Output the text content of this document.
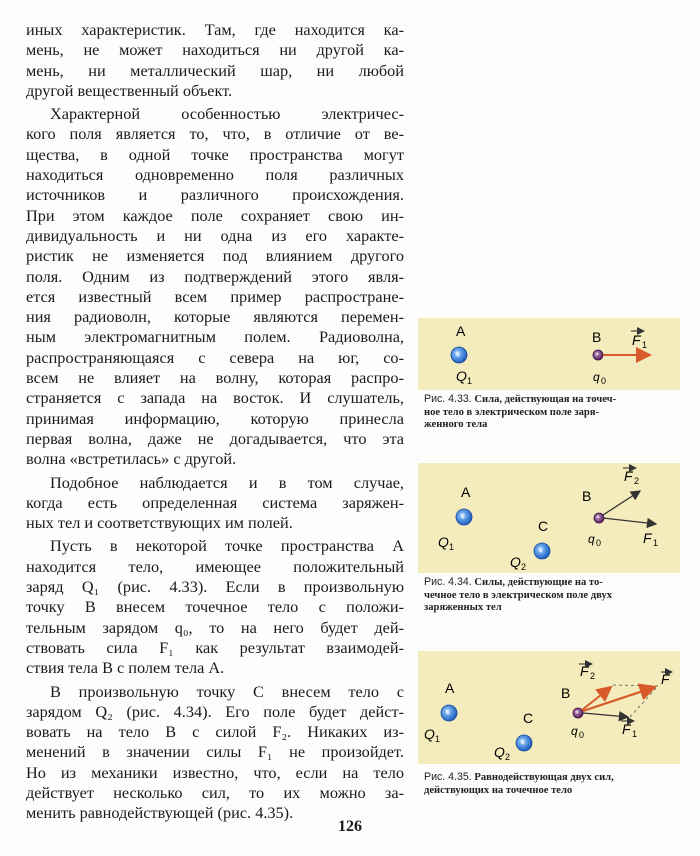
иных характеристик. Там, где находится ка-
мень, не может находиться ни другой ка-
мень, ни металлический шар, ни любой
другой вещественный объект.

Характерной особенностью электричес-
кого поля является то, что, в отличие от ве-
щества, в одной точке пространства могут
находиться одновременно поля различных
источников и различного происхождения.
При этом каждое поле сохраняет свою ин-
дивидуальность и ни одна из его характе-
ристик не изменяется под влиянием другого
поля. Одним из подтверждений этого явля-
ется известный всем пример распростране-
ния радиоволн, которые являются перемен-
ным электромагнитным полем. Радиоволна,
распространяющаяся с севера на юг, со-
всем не влияет на волну, которая распро-
страняется с запада на восток. И слушатель,
принимая информацию, которую принесла
первая волна, даже не догадывается, что эта
волна «встретилась» с другой.

Подобное наблюдается и в том случае,
когда есть определенная система заряжен-
ных тел и соответствующих им полей.

Пусть в некоторой точке пространства А
находится тело, имеющее положительный
заряд Q₁ (рис. 4.33). Если в произвольную
точку В внесем точечное тело с положи-
тельным зарядом q₀, то на него будет дей-
ствовать сила F₁ как результат взаимодей-
ствия тела В с полем тела А.

В произвольную точку С внесем тело с
зарядом Q₂ (рис. 4.34). Его поле будет дейст-
вовать на тело В с силой F₂. Никаких из-
менений в значении силы F₁ не произойдет.
Но из механики известно, что, если на тело
действует несколько сил, то их можно за-
менить равнодействующей (рис. 4.35).

A
+
Q 1
B F 1
q 0
Рис. 4.33. Сила, действующая на точеч-
ное тело в электрическом поле заря-
женного тела
A
+
Q 1
C
+
Q 2
B
F 2
F 1
q 0
Рис. 4.34. Силы, действующие на то-
чечное тело в электрическом поле двух
заряженных тел
A
+
Q 1
C
+
Q 2
B
F 2	F
F 1
q 0
Рис. 4.35. Равнодействующая двух сил,
действующих на точечное тело
126
